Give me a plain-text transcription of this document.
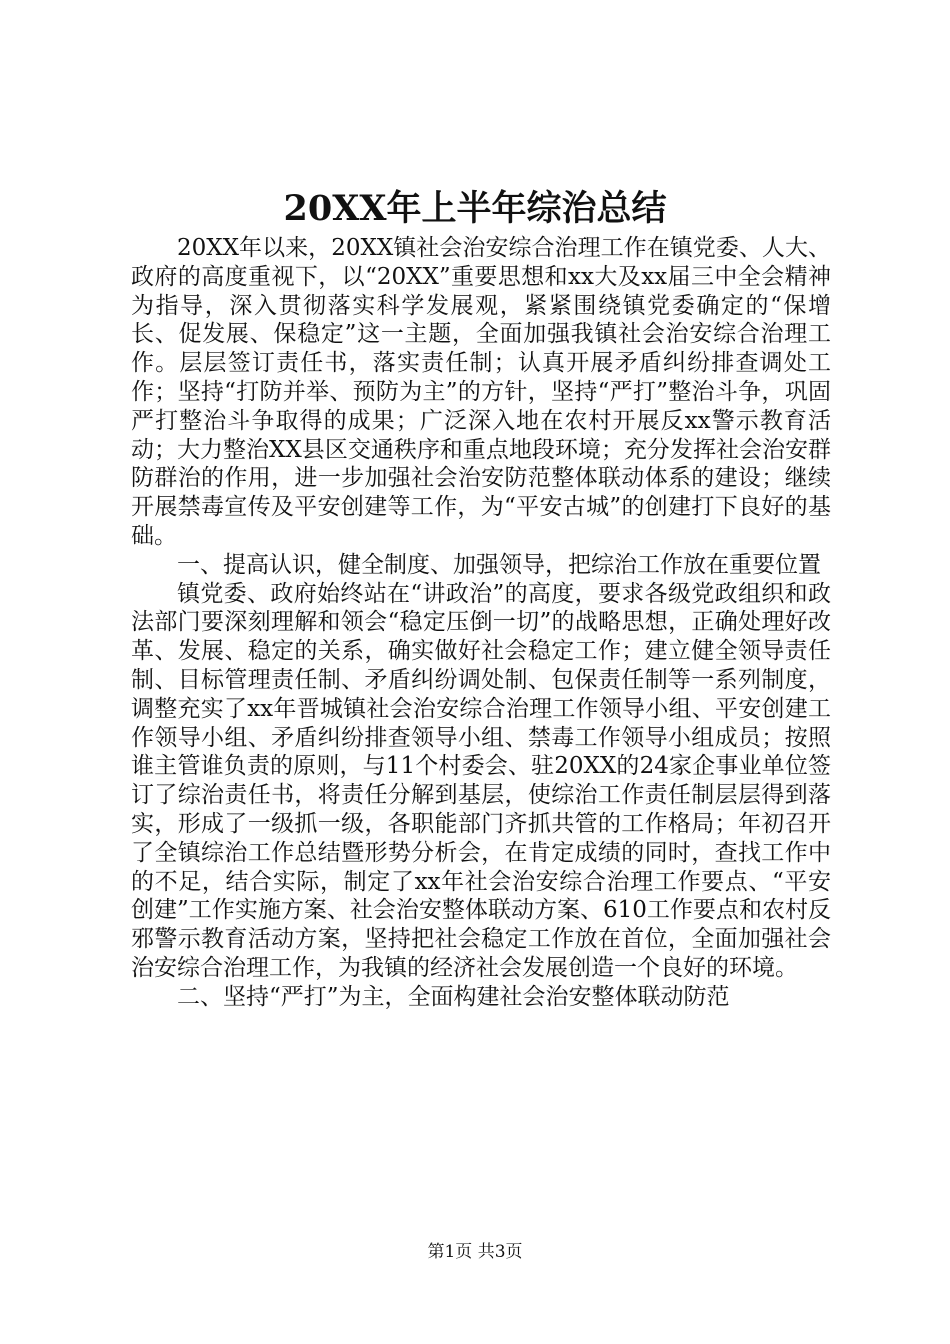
20XX年上半年综治总结

20XX年以来，20XX镇社会治安综合治理工作在镇党委、人大、政府的高度重视下，以“20XX”重要思想和xx大及xx届三中全会精神为指导，深入贯彻落实科学发展观，紧紧围绕镇党委确定的“保增长、促发展、保稳定”这一主题，全面加强我镇社会治安综合治理工作。层层签订责任书，落实责任制；认真开展矛盾纠纷排查调处工作；坚持“打防并举、预防为主”的方针，坚持“严打”整治斗争，巩固严打整治斗争取得的成果；广泛深入地在农村开展反xx警示教育活动；大力整治XX县区交通秩序和重点地段环境；充分发挥社会治安群防群治的作用，进一步加强社会治安防范整体联动体系的建设；继续开展禁毒宣传及平安创建等工作，为“平安古城”的创建打下良好的基础。

一、提高认识，健全制度、加强领导，把综治工作放在重要位置

镇党委、政府始终站在“讲政治”的高度，要求各级党政组织和政法部门要深刻理解和领会“稳定压倒一切”的战略思想，正确处理好改革、发展、稳定的关系，确实做好社会稳定工作；建立健全领导责任制、目标管理责任制、矛盾纠纷调处制、包保责任制等一系列制度，调整充实了xx年晋城镇社会治安综合治理工作领导小组、平安创建工作领导小组、矛盾纠纷排查领导小组、禁毒工作领导小组成员；按照谁主管谁负责的原则，与11个村委会、驻20XX的24家企事业单位签订了综治责任书，将责任分解到基层，使综治工作责任制层层得到落实，形成了一级抓一级，各职能部门齐抓共管的工作格局；年初召开了全镇综治工作总结暨形势分析会，在肯定成绩的同时，查找工作中的不足，结合实际，制定了xx年社会治安综合治理工作要点、“平安创建”工作实施方案、社会治安整体联动方案、610工作要点和农村反邪警示教育活动方案，坚持把社会稳定工作放在首位，全面加强社会治安综合治理工作，为我镇的经济社会发展创造一个良好的环境。

二、坚持“严打”为主，全面构建社会治安整体联动防范

第1页 共3页
